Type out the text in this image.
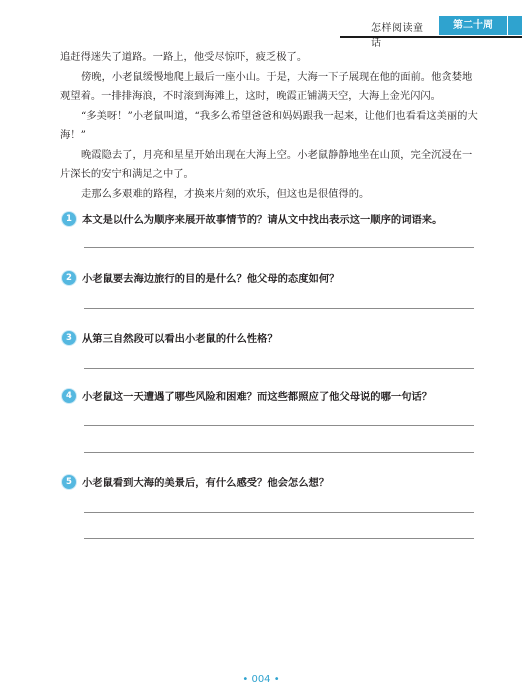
怎样阅读童话
第二十周

追赶得迷失了道路。一路上，他受尽惊吓，疲乏极了。

傍晚，小老鼠缓慢地爬上最后一座小山。于是，大海一下子展现在他的面前。他贪婪地观望着。一排排海浪，不时滚到海滩上，这时，晚霞正铺满天空，大海上金光闪闪。

“多美呀！”小老鼠叫道，“我多么希望爸爸和妈妈跟我一起来，让他们也看看这美丽的大海！”

晚霞隐去了，月亮和星星开始出现在大海上空。小老鼠静静地坐在山顶，完全沉浸在一片深长的安宁和满足之中了。

走那么多艰难的路程，才换来片刻的欢乐，但这也是很值得的。

1 本文是以什么为顺序来展开故事情节的？请从文中找出表示这一顺序的词语来。
2 小老鼠要去海边旅行的目的是什么？他父母的态度如何？
3 从第三自然段可以看出小老鼠的什么性格？
4 小老鼠这一天遭遇了哪些风险和困难？而这些都照应了他父母说的哪一句话？
5 小老鼠看到大海的美景后，有什么感受？他会怎么想？
• 004 •
